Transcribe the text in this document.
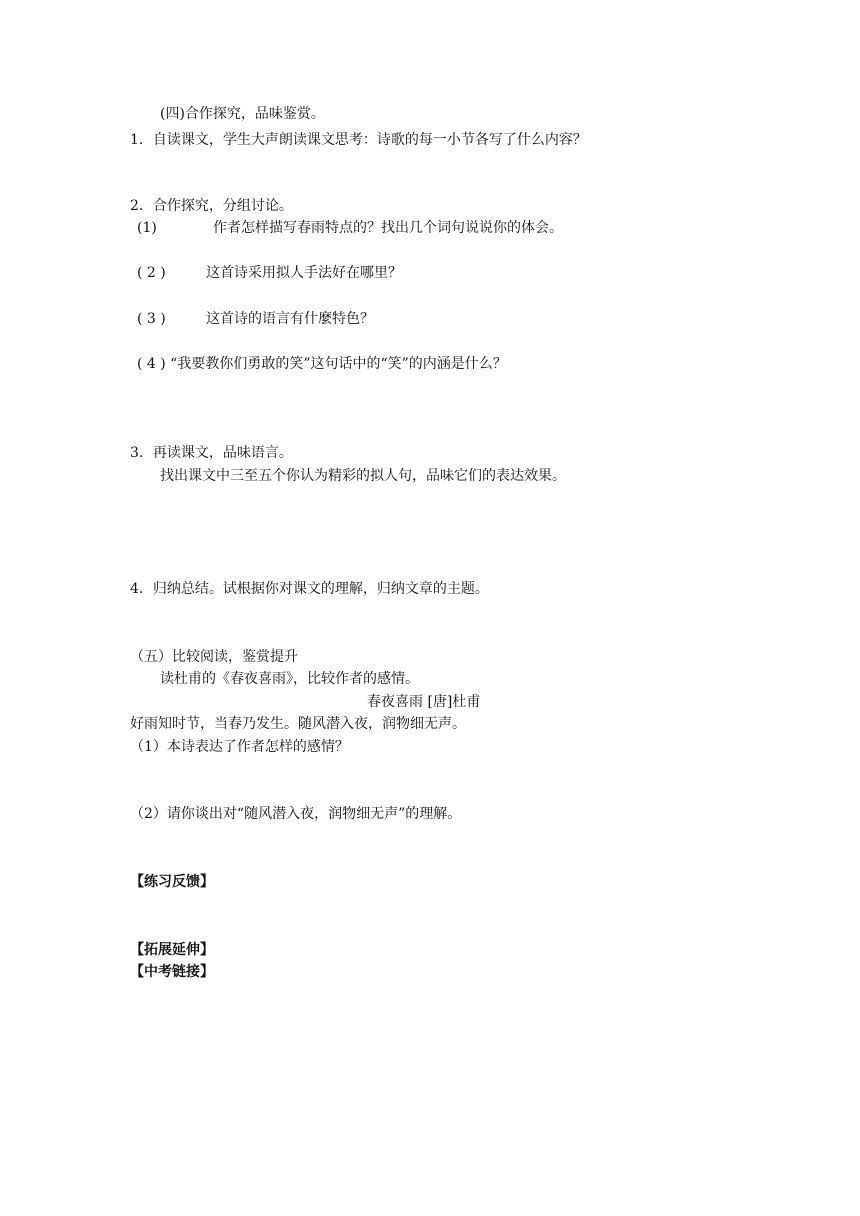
(四)合作探究，品味鉴赏。
1．自读课文，学生大声朗读课文思考：诗歌的每一小节各写了什么内容？
2．合作探究，分组讨论。
(1)	作者怎样描写春雨特点的？找出几个词句说说你的体会。
( 2 )	这首诗采用拟人手法好在哪里？
( 3 )	这首诗的语言有什麼特色？
( 4 ) “我要教你们勇敢的笑”这句话中的“笑”的内涵是什么？
3．再读课文，品味语言。
找出课文中三至五个你认为精彩的拟人句，品味它们的表达效果。
4．归纳总结。试根据你对课文的理解，归纳文章的主题。
（五）比较阅读，鉴赏提升
读杜甫的《春夜喜雨》，比较作者的感情。
春夜喜雨 [唐]杜甫
好雨知时节，当春乃发生。随风潜入夜，润物细无声。
（1）本诗表达了作者怎样的感情？
（2）请你谈出对“随风潜入夜，润物细无声”的理解。
【练习反馈】
【拓展延伸】
【中考链接】
